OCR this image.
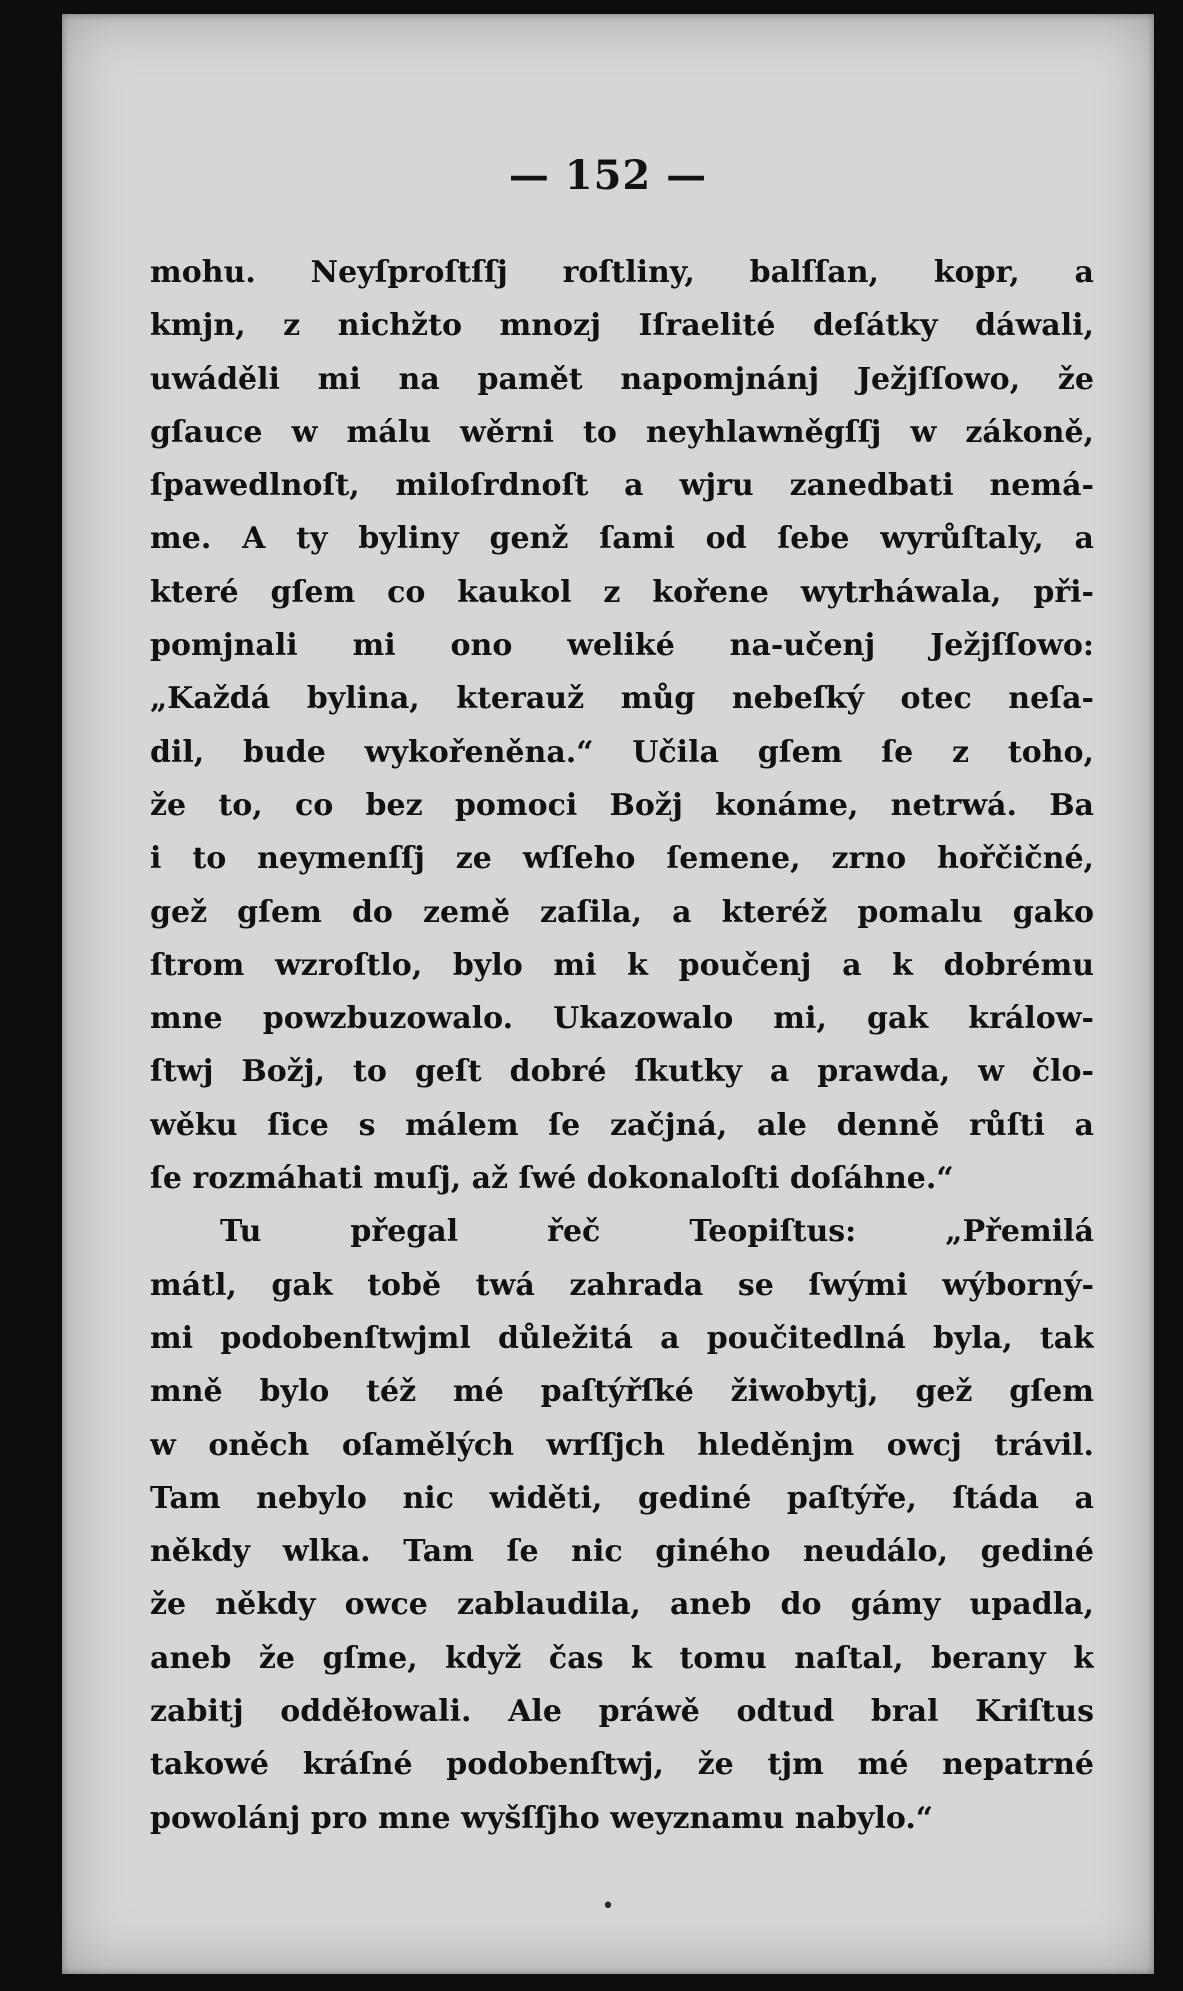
— 152 —
mohu. Neyſproſtſſj roſtliny, balſſan, kopr, a
kmjn, z nichžto mnozj Iſraelité deſátky dáwali,
uwáděli mi na pamět napomjnánj Ježjſſowo, že
gſauce w málu wěrni to neyhlawněgſſj w zákoně,
ſpawedlnoſt, miloſrdnoſt a wjru zanedbati nemá-
me. A ty byliny genž ſami od ſebe wyrůſtaly, a
které gſem co kaukol z kořene wytrháwala, při-
pomjnali mi ono weliké na-učenj Ježjſſowo:
„Každá bylina, kterauž můg nebeſký otec neſa-
dil, bude wykořeněna.“ Učila gſem ſe z toho,
že to, co bez pomoci Božj konáme, netrwá. Ba
i to neymenſſj ze wſſeho ſemene, zrno hořčičné,
gež gſem do země zaſila, a kteréž pomalu gako
ſtrom wzroſtlo, bylo mi k poučenj a k dobrému
mne powzbuzowalo. Ukazowalo mi, gak králow-
ſtwj Božj, to geſt dobré ſkutky a prawda, w člo-
wěku ſice s málem ſe začjná, ale denně růſti a
ſe rozmáhati muſj, až ſwé dokonaloſti doſáhne.“
Tu přegal řeč Teopiſtus: „Přemilá
mátl, gak tobě twá zahrada se ſwými wýborný-
mi podobenſtwjml důležitá a poučitedlná byla, tak
mně bylo též mé paſtýřſké žiwobytj, gež gſem
w oněch oſamělých wrſſjch hleděnjm owcj trávil.
Tam nebylo nic widěti, gediné paſtýře, ſtáda a
někdy wlka. Tam ſe nic giného neudálo, gediné
že někdy owce zablaudila, aneb do gámy upadla,
aneb že gſme, když čas k tomu naſtal, berany k
zabitj odděłowali. Ale práwě odtud bral Kriſtus
takowé kráſné podobenſtwj, že tjm mé nepatrné
powolánj pro mne wyšſſjho weyznamu nabylo.“
•
